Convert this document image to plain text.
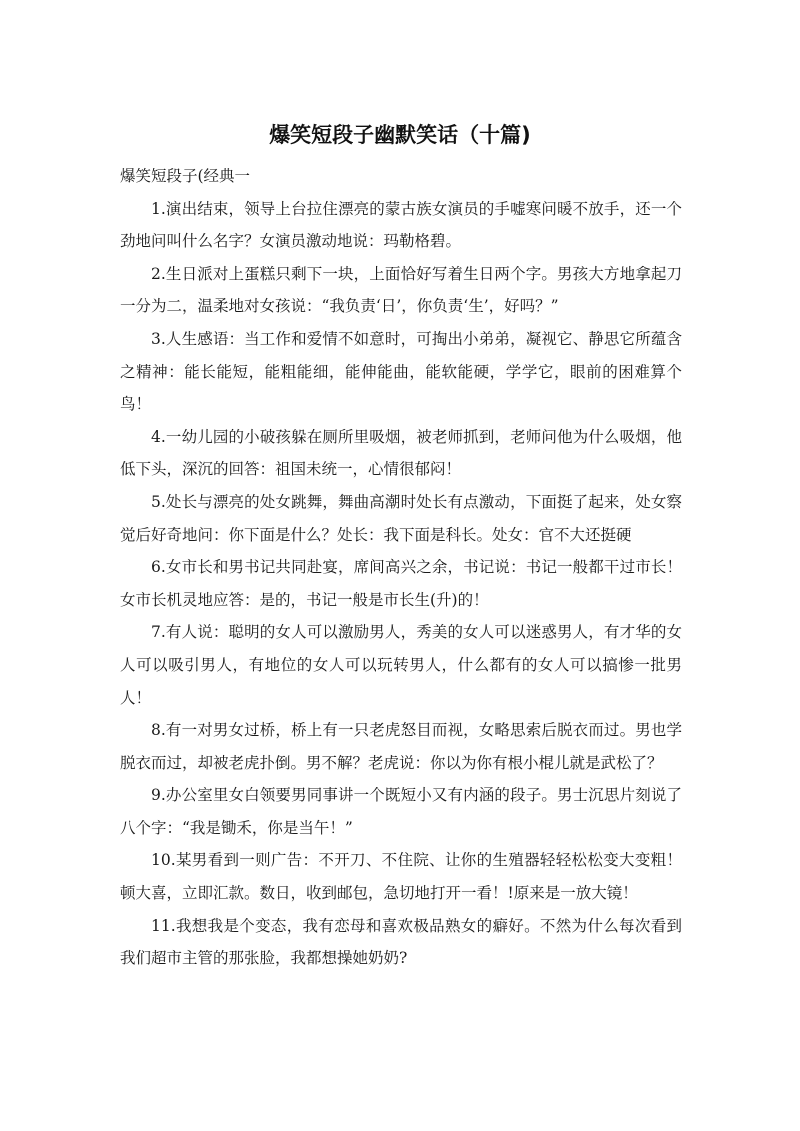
爆笑短段子幽默笑话（十篇)

爆笑短段子(经典一

1.演出结束，领导上台拉住漂亮的蒙古族女演员的手嘘寒问暖不放手，还一个劲地问叫什么名字？女演员激动地说：玛勒格碧。

2.生日派对上蛋糕只剩下一块，上面恰好写着生日两个字。男孩大方地拿起刀一分为二，温柔地对女孩说：“我负责‘日’，你负责‘生’，好吗？”

3.人生感语：当工作和爱情不如意时，可掏出小弟弟，凝视它、静思它所蕴含之精神：能长能短，能粗能细，能伸能曲，能软能硬，学学它，眼前的困难算个鸟！

4.一幼儿园的小破孩躲在厕所里吸烟，被老师抓到，老师问他为什么吸烟，他低下头，深沉的回答：祖国未统一，心情很郁闷！

5.处长与漂亮的处女跳舞，舞曲高潮时处长有点激动，下面挺了起来，处女察觉后好奇地问：你下面是什么？处长：我下面是科长。处女：官不大还挺硬

6.女市长和男书记共同赴宴，席间高兴之余，书记说：书记一般都干过市长！女市长机灵地应答：是的，书记一般是市长生(升)的！

7.有人说：聪明的女人可以激励男人，秀美的女人可以迷惑男人，有才华的女人可以吸引男人，有地位的女人可以玩转男人，什么都有的女人可以搞惨一批男人！

8.有一对男女过桥，桥上有一只老虎怒目而视，女略思索后脱衣而过。男也学脱衣而过，却被老虎扑倒。男不解？老虎说：你以为你有根小棍儿就是武松了？

9.办公室里女白领要男同事讲一个既短小又有内涵的段子。男士沉思片刻说了八个字：“我是锄禾，你是当午！”

10.某男看到一则广告：不开刀、不住院、让你的生殖器轻轻松松变大变粗！顿大喜，立即汇款。数日，收到邮包，急切地打开一看！!原来是一放大镜！

11.我想我是个变态，我有恋母和喜欢极品熟女的癖好。不然为什么每次看到我们超市主管的那张脸，我都想操她奶奶?
